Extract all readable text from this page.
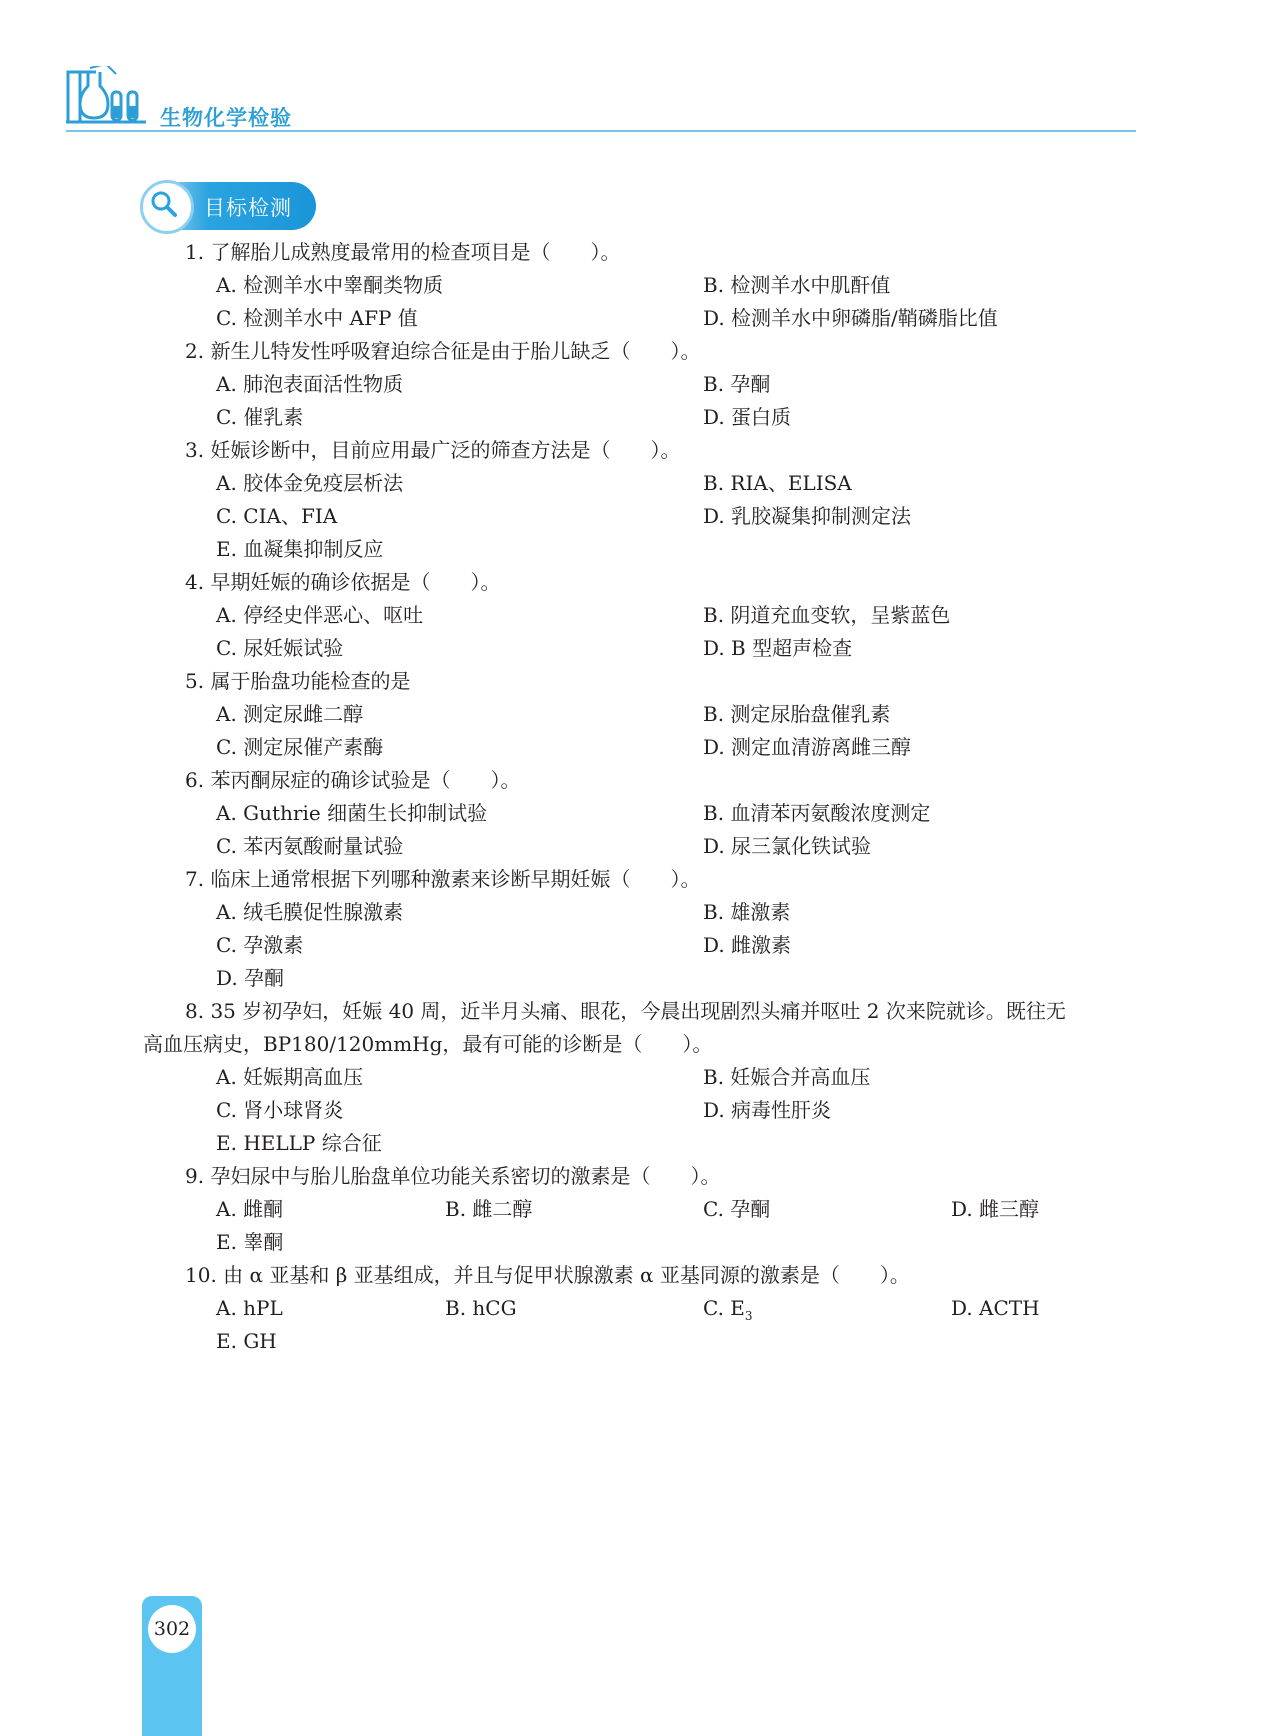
生物化学检验
目标检测
1. 了解胎儿成熟度最常用的检查项目是（　　）。
A. 检测羊水中睾酮类物质	B. 检测羊水中肌酐值
C. 检测羊水中 AFP 值	D. 检测羊水中卵磷脂/鞘磷脂比值
2. 新生儿特发性呼吸窘迫综合征是由于胎儿缺乏（　　）。
A. 肺泡表面活性物质	B. 孕酮
C. 催乳素	D. 蛋白质
3. 妊娠诊断中，目前应用最广泛的筛查方法是（　　）。
A. 胶体金免疫层析法	B. RIA、ELISA
C. CIA、FIA	D. 乳胶凝集抑制测定法
E. 血凝集抑制反应
4. 早期妊娠的确诊依据是（　　）。
A. 停经史伴恶心、呕吐	B. 阴道充血变软，呈紫蓝色
C. 尿妊娠试验	D. B 型超声检查
5. 属于胎盘功能检查的是
A. 测定尿雌二醇	B. 测定尿胎盘催乳素
C. 测定尿催产素酶	D. 测定血清游离雌三醇
6. 苯丙酮尿症的确诊试验是（　　）。
A. Guthrie 细菌生长抑制试验	B. 血清苯丙氨酸浓度测定
C. 苯丙氨酸耐量试验	D. 尿三氯化铁试验
7. 临床上通常根据下列哪种激素来诊断早期妊娠（　　）。
A. 绒毛膜促性腺激素	B. 雄激素
C. 孕激素	D. 雌激素
D. 孕酮
8. 35 岁初孕妇，妊娠 40 周，近半月头痛、眼花，今晨出现剧烈头痛并呕吐 2 次来院就诊。既往无
高血压病史，BP180/120mmHg，最有可能的诊断是（　　）。
A. 妊娠期高血压	B. 妊娠合并高血压
C. 肾小球肾炎	D. 病毒性肝炎
E. HELLP 综合征
9. 孕妇尿中与胎儿胎盘单位功能关系密切的激素是（　　）。
A. 雌酮	B. 雌二醇	C. 孕酮	D. 雌三醇
E. 睾酮
10. 由 α 亚基和 β 亚基组成，并且与促甲状腺激素 α 亚基同源的激素是（　　）。
A. hPL	B. hCG	C. $E_3$	D. ACTH
E. GH
302
